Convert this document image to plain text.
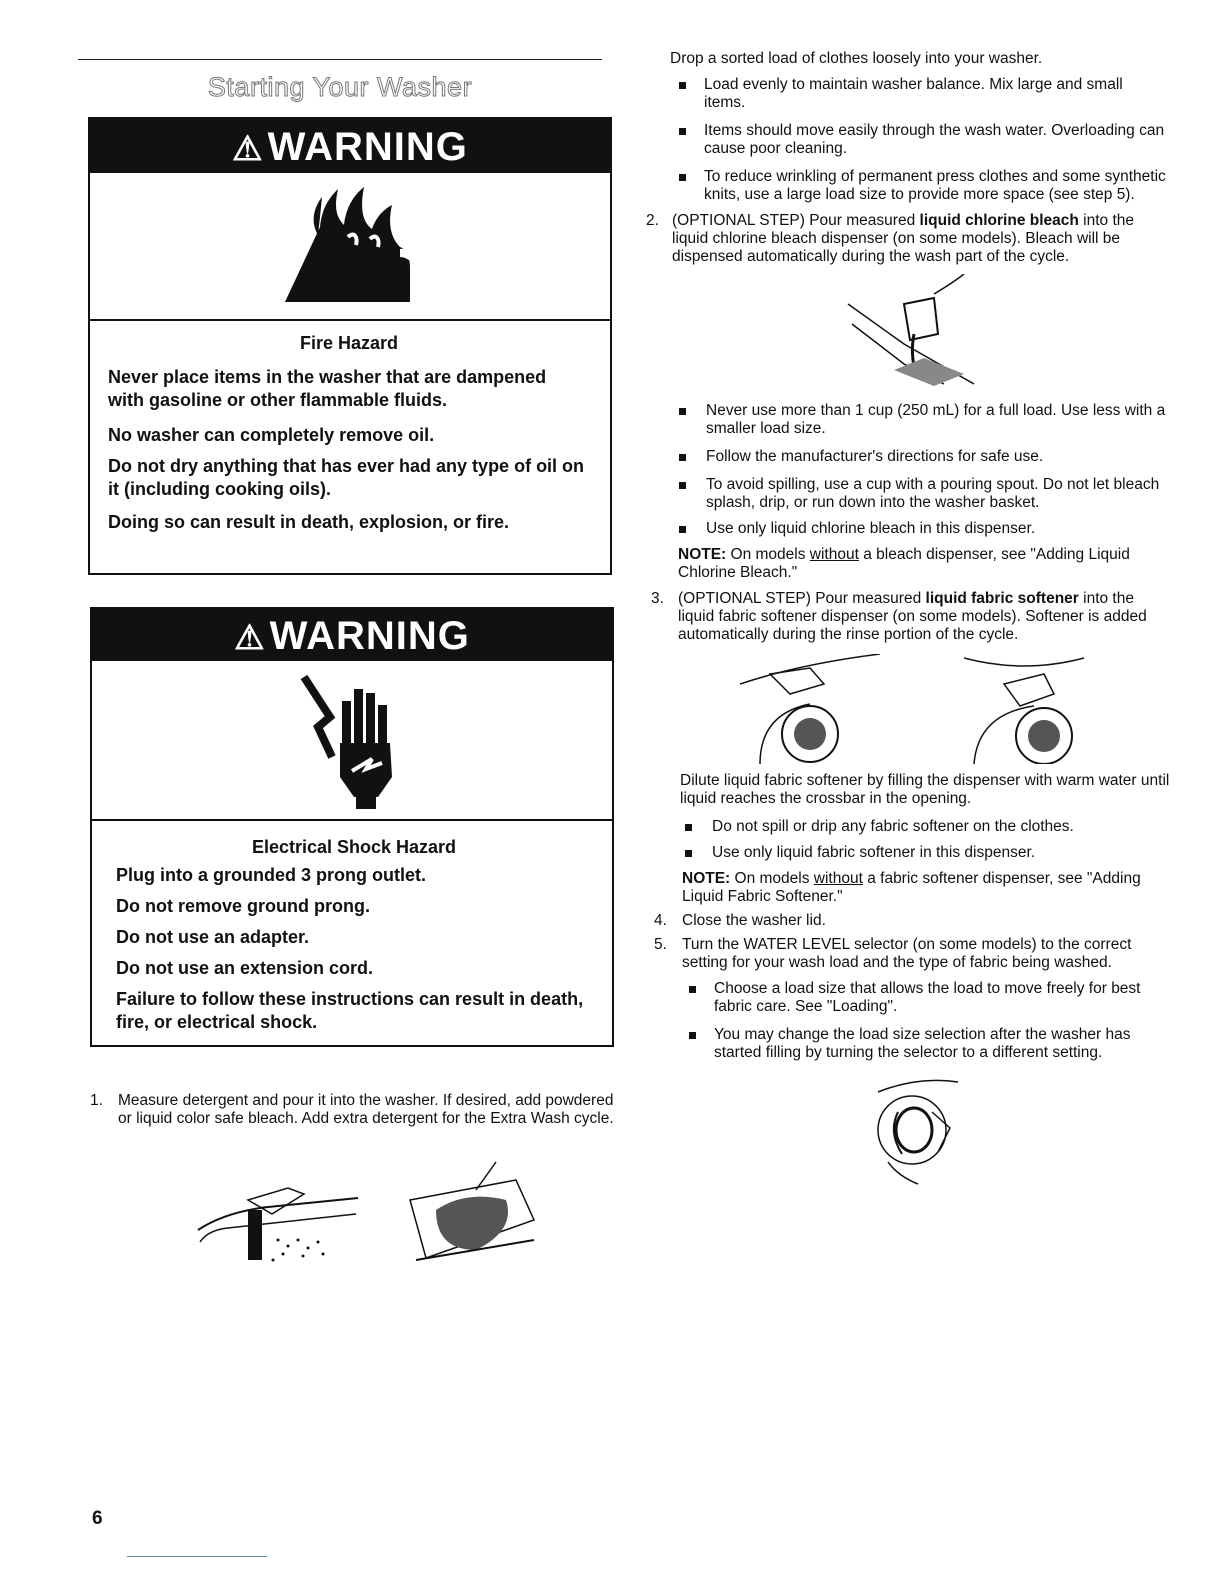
Starting Your Washer
⚠ WARNING
Fire Hazard

Never place items in the washer that are dampened with gasoline or other flammable fluids.

No washer can completely remove oil.

Do not dry anything that has ever had any type of oil on it (including cooking oils).

Doing so can result in death, explosion, or fire.

⚠ WARNING
Electrical Shock Hazard

Plug into a grounded 3 prong outlet.

Do not remove ground prong.

Do not use an adapter.

Do not use an extension cord.

Failure to follow these instructions can result in death, fire, or electrical shock.

1. Measure detergent and pour it into the washer. If desired, add powdered or liquid color safe bleach. Add extra detergent for the Extra Wash cycle.

Drop a sorted load of clothes loosely into your washer.

Load evenly to maintain washer balance. Mix large and small items.
Items should move easily through the wash water. Overloading can cause poor cleaning.
To reduce wrinkling of permanent press clothes and some synthetic knits, use a large load size to provide more space (see step 5).
2. (OPTIONAL STEP) Pour measured liquid chlorine bleach into the liquid chlorine bleach dispenser (on some models). Bleach will be dispensed automatically during the wash part of the cycle.

Never use more than 1 cup (250 mL) for a full load. Use less with a smaller load size.
Follow the manufacturer's directions for safe use.
To avoid spilling, use a cup with a pouring spout. Do not let bleach splash, drip, or run down into the washer basket.
Use only liquid chlorine bleach in this dispenser.

NOTE: On models without a bleach dispenser, see "Adding Liquid Chlorine Bleach."

3. (OPTIONAL STEP) Pour measured liquid fabric softener into the liquid fabric softener dispenser (on some models). Softener is added automatically during the rinse portion of the cycle.

Dilute liquid fabric softener by filling the dispenser with warm water until liquid reaches the crossbar in the opening.

Do not spill or drip any fabric softener on the clothes.
Use only liquid fabric softener in this dispenser.

NOTE: On models without a fabric softener dispenser, see "Adding Liquid Fabric Softener."

4. Close the washer lid.

5. Turn the WATER LEVEL selector (on some models) to the correct setting for your wash load and the type of fabric being washed.

Choose a load size that allows the load to move freely for best fabric care. See "Loading".
You may change the load size selection after the washer has started filling by turning the selector to a different setting.
6
